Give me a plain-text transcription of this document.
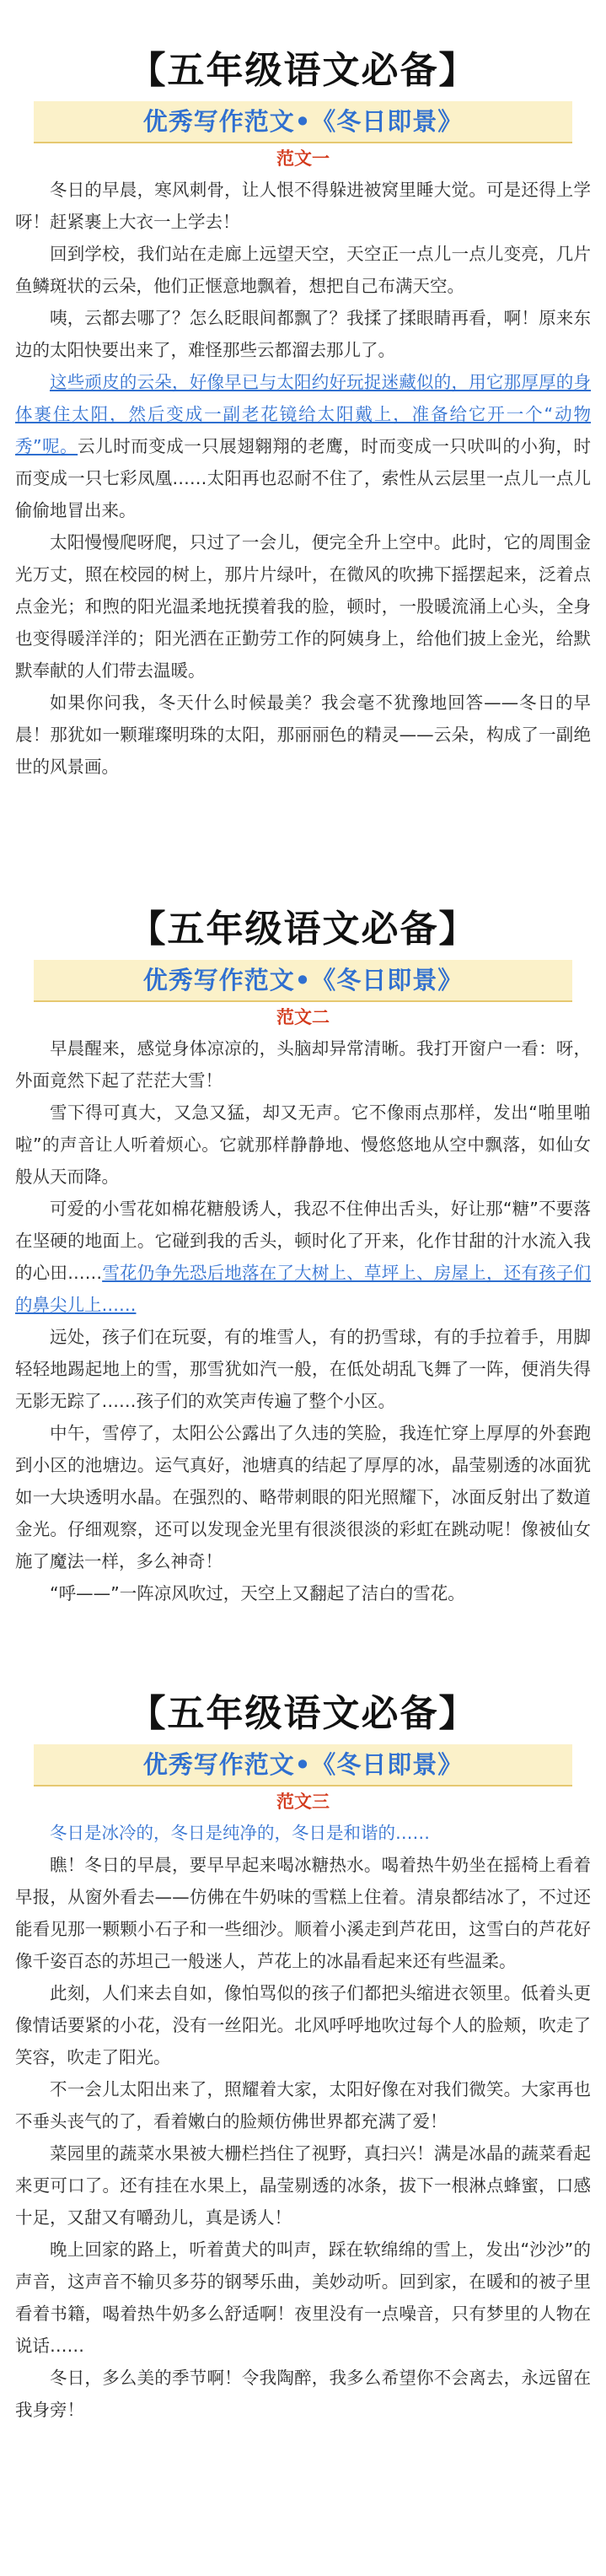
【五年级语文必备】
优秀写作范文•《冬日即景》
范文一

冬日的早晨，寒风刺骨，让人恨不得躲进被窝里睡大觉。可是还得上学呀！赶紧裹上大衣一上学去！

回到学校，我们站在走廊上远望天空，天空正一点儿一点儿变亮，几片鱼鳞斑状的云朵，他们正惬意地飘着，想把自己布满天空。

咦，云都去哪了？怎么眨眼间都飘了？我揉了揉眼睛再看，啊！原来东边的太阳快要出来了，难怪那些云都溜去那儿了。

这些顽皮的云朵，好像早已与太阳约好玩捉迷藏似的，用它那厚厚的身体裹住太阳，然后变成一副老花镜给太阳戴上，准备给它开一个“动物秀”呢。云儿时而变成一只展翅翱翔的老鹰，时而变成一只吠叫的小狗，时而变成一只七彩凤凰……太阳再也忍耐不住了，索性从云层里一点儿一点儿偷偷地冒出来。

太阳慢慢爬呀爬，只过了一会儿，便完全升上空中。此时，它的周围金光万丈，照在校园的树上，那片片绿叶，在微风的吹拂下摇摆起来，泛着点点金光；和煦的阳光温柔地抚摸着我的脸，顿时，一股暖流涌上心头，全身也变得暖洋洋的；阳光洒在正勤劳工作的阿姨身上，给他们披上金光，给默默奉献的人们带去温暖。

如果你问我，冬天什么时候最美？我会毫不犹豫地回答——冬日的早晨！那犹如一颗璀璨明珠的太阳，那丽丽色的精灵——云朵，构成了一副绝世的风景画。

【五年级语文必备】
优秀写作范文•《冬日即景》
范文二

早晨醒来，感觉身体凉凉的，头脑却异常清晰。我打开窗户一看：呀，外面竟然下起了茫茫大雪！

雪下得可真大，又急又猛，却又无声。它不像雨点那样，发出“啪里啪啦”的声音让人听着烦心。它就那样静静地、慢悠悠地从空中飘落，如仙女般从天而降。

可爱的小雪花如棉花糖般诱人，我忍不住伸出舌头，好让那“糖”不要落在坚硬的地面上。它碰到我的舌头，顿时化了开来，化作甘甜的汁水流入我的心田……雪花仍争先恐后地落在了大树上、草坪上、房屋上，还有孩子们的鼻尖儿上……

远处，孩子们在玩耍，有的堆雪人，有的扔雪球，有的手拉着手，用脚轻轻地踢起地上的雪，那雪犹如汽一般，在低处胡乱飞舞了一阵，便消失得无影无踪了……孩子们的欢笑声传遍了整个小区。

中午，雪停了，太阳公公露出了久违的笑脸，我连忙穿上厚厚的外套跑到小区的池塘边。运气真好，池塘真的结起了厚厚的冰，晶莹剔透的冰面犹如一大块透明水晶。在强烈的、略带刺眼的阳光照耀下，冰面反射出了数道金光。仔细观察，还可以发现金光里有很淡很淡的彩虹在跳动呢！像被仙女施了魔法一样，多么神奇！

“呼——”一阵凉风吹过，天空上又翻起了洁白的雪花。

【五年级语文必备】
优秀写作范文•《冬日即景》
范文三

冬日是冰冷的，冬日是纯净的，冬日是和谐的……

瞧！冬日的早晨，要早早起来喝冰糖热水。喝着热牛奶坐在摇椅上看着早报，从窗外看去——仿佛在牛奶味的雪糕上住着。清泉都结冰了，不过还能看见那一颗颗小石子和一些细沙。顺着小溪走到芦花田，这雪白的芦花好像千姿百态的苏坦己一般迷人，芦花上的冰晶看起来还有些温柔。

此刻，人们来去自如，像怕骂似的孩子们都把头缩进衣领里。低着头更像情话要紧的小花，没有一丝阳光。北风呼呼地吹过每个人的脸颊，吹走了笑容，吹走了阳光。

不一会儿太阳出来了，照耀着大家，太阳好像在对我们微笑。大家再也不垂头丧气的了，看着嫩白的脸颊仿佛世界都充满了爱！

菜园里的蔬菜水果被大栅栏挡住了视野，真扫兴！满是冰晶的蔬菜看起来更可口了。还有挂在水果上，晶莹剔透的冰条，拔下一根淋点蜂蜜，口感十足，又甜又有嚼劲儿，真是诱人！

晚上回家的路上，听着黄犬的叫声，踩在软绵绵的雪上，发出“沙沙”的声音，这声音不输贝多芬的钢琴乐曲，美妙动听。回到家，在暖和的被子里看着书籍，喝着热牛奶多么舒适啊！夜里没有一点噪音，只有梦里的人物在说话……

冬日，多么美的季节啊！令我陶醉，我多么希望你不会离去，永远留在我身旁！
